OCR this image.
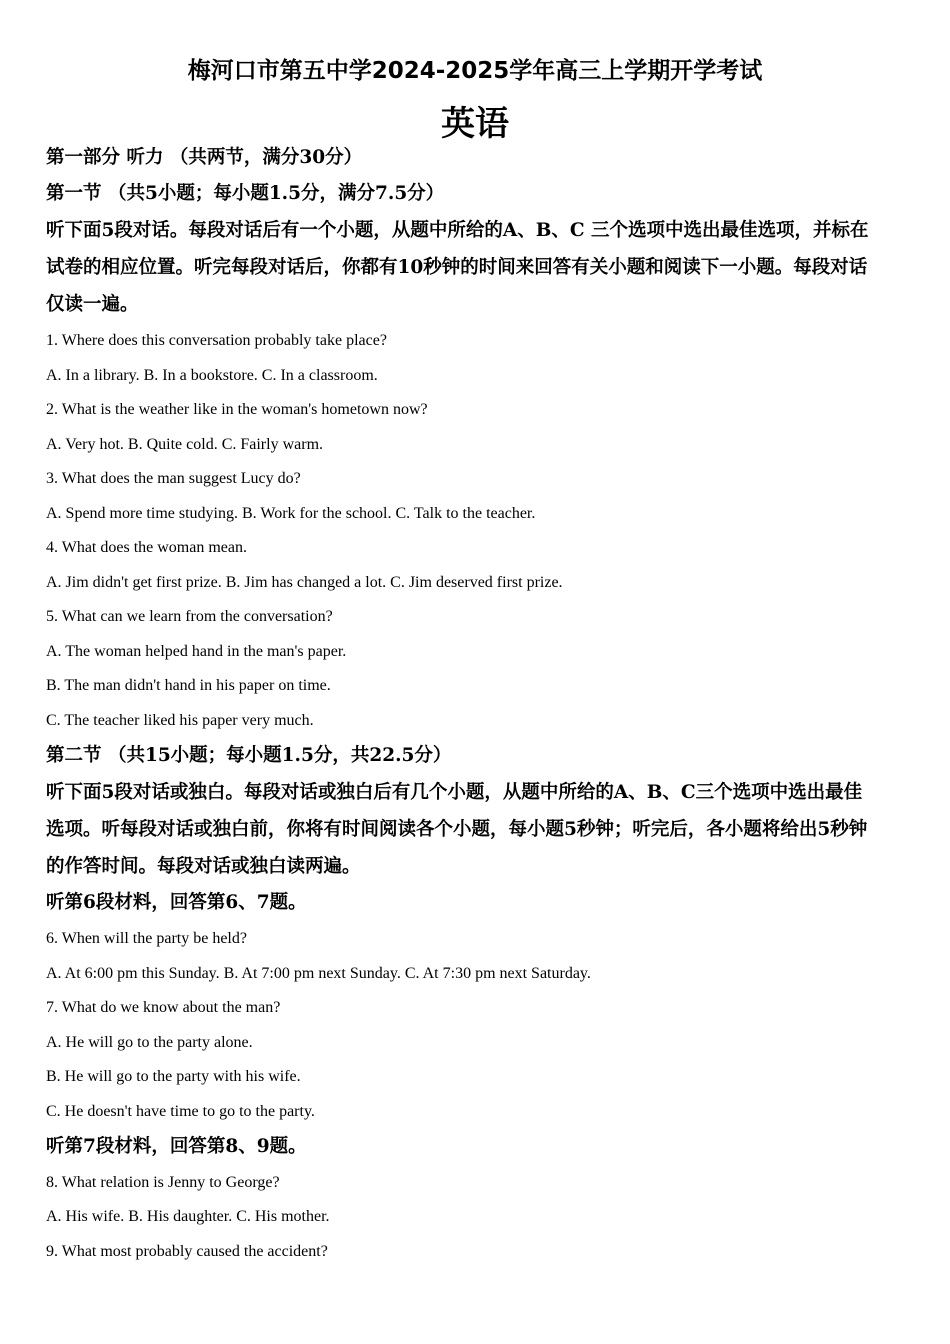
梅河口市第五中学2024-2025学年高三上学期开学考试
英语
第一部分 听力 （共两节，满分30分）
第一节 （共5小题；每小题1.5分，满分7.5分）
听下面5段对话。每段对话后有一个小题，从题中所给的A、B、C 三个选项中选出最佳选项，并标在
试卷的相应位置。听完每段对话后，你都有10秒钟的时间来回答有关小题和阅读下一小题。每段对话
仅读一遍。
1. Where does this conversation probably take place?
A. In a library. B. In a bookstore. C. In a classroom.
2. What is the weather like in the woman's hometown now?
A. Very hot. B. Quite cold. C. Fairly warm.
3. What does the man suggest Lucy do?
A. Spend more time studying. B. Work for the school. C. Talk to the teacher.
4. What does the woman mean.
A. Jim didn't get first prize. B. Jim has changed a lot. C. Jim deserved first prize.
5. What can we learn from the conversation?
A. The woman helped hand in the man's paper.
B. The man didn't hand in his paper on time.
C. The teacher liked his paper very much.
第二节 （共15小题；每小题1.5分，共22.5分）
听下面5段对话或独白。每段对话或独白后有几个小题，从题中所给的A、B、C三个选项中选出最佳
选项。听每段对话或独白前，你将有时间阅读各个小题，每小题5秒钟；听完后，各小题将给出5秒钟
的作答时间。每段对话或独白读两遍。
听第6段材料，回答第6、7题。
6. When will the party be held?
A. At 6:00 pm this Sunday. B. At 7:00 pm next Sunday. C. At 7:30 pm next Saturday.
7. What do we know about the man?
A. He will go to the party alone.
B. He will go to the party with his wife.
C. He doesn't have time to go to the party.
听第7段材料，回答第8、9题。
8. What relation is Jenny to George?
A. His wife. B. His daughter. C. His mother.
9. What most probably caused the accident?
